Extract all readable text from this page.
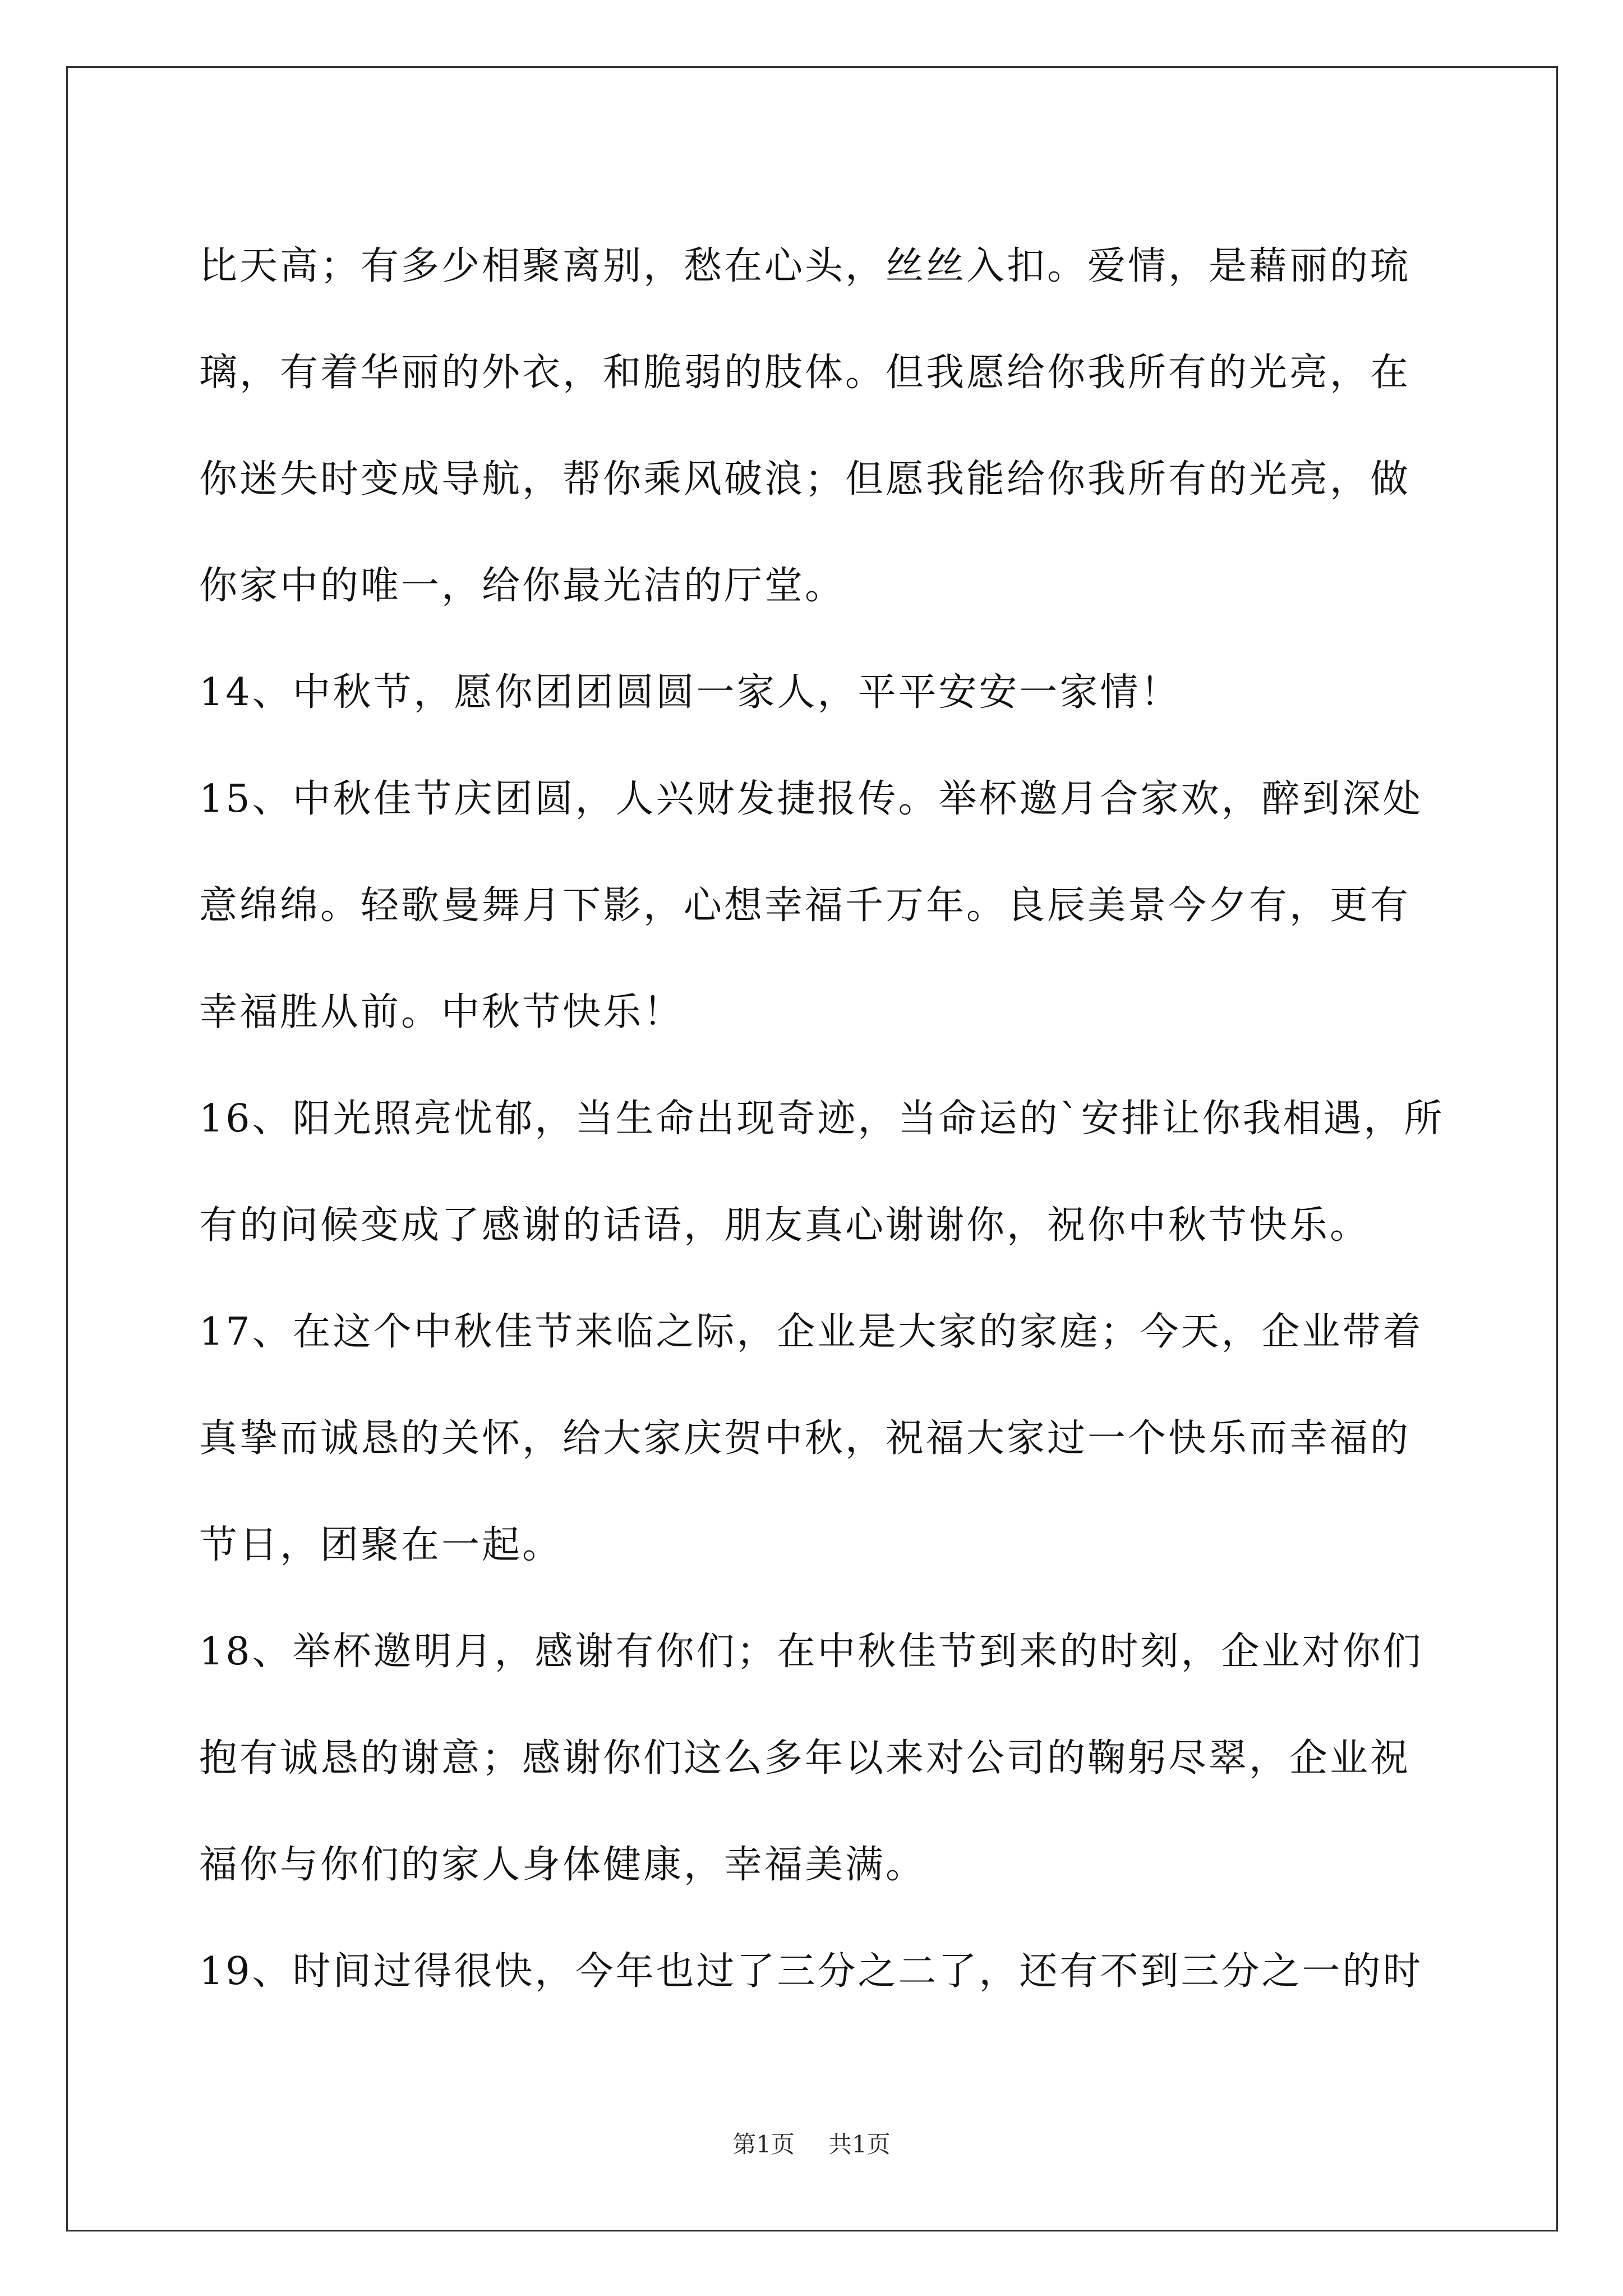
比天高；有多少相聚离别，愁在心头，丝丝入扣。爱情，是藉丽的琉
璃，有着华丽的外衣，和脆弱的肢体。但我愿给你我所有的光亮，在
你迷失时变成导航，帮你乘风破浪；但愿我能给你我所有的光亮，做
你家中的唯一，给你最光洁的厅堂。
14、中秋节，愿你团团圆圆一家人，平平安安一家情！
15、中秋佳节庆团圆，人兴财发捷报传。举杯邀月合家欢，醉到深处
意绵绵。轻歌曼舞月下影，心想幸福千万年。良辰美景今夕有，更有
幸福胜从前。中秋节快乐！
16、阳光照亮忧郁，当生命出现奇迹，当命运的`安排让你我相遇，所
有的问候变成了感谢的话语，朋友真心谢谢你，祝你中秋节快乐。
17、在这个中秋佳节来临之际，企业是大家的家庭；今天，企业带着
真挚而诚恳的关怀，给大家庆贺中秋，祝福大家过一个快乐而幸福的
节日，团聚在一起。
18、举杯邀明月，感谢有你们；在中秋佳节到来的时刻，企业对你们
抱有诚恳的谢意；感谢你们这么多年以来对公司的鞠躬尽翠，企业祝
福你与你们的家人身体健康，幸福美满。
19、时间过得很快，今年也过了三分之二了，还有不到三分之一的时
第1页 共1页
